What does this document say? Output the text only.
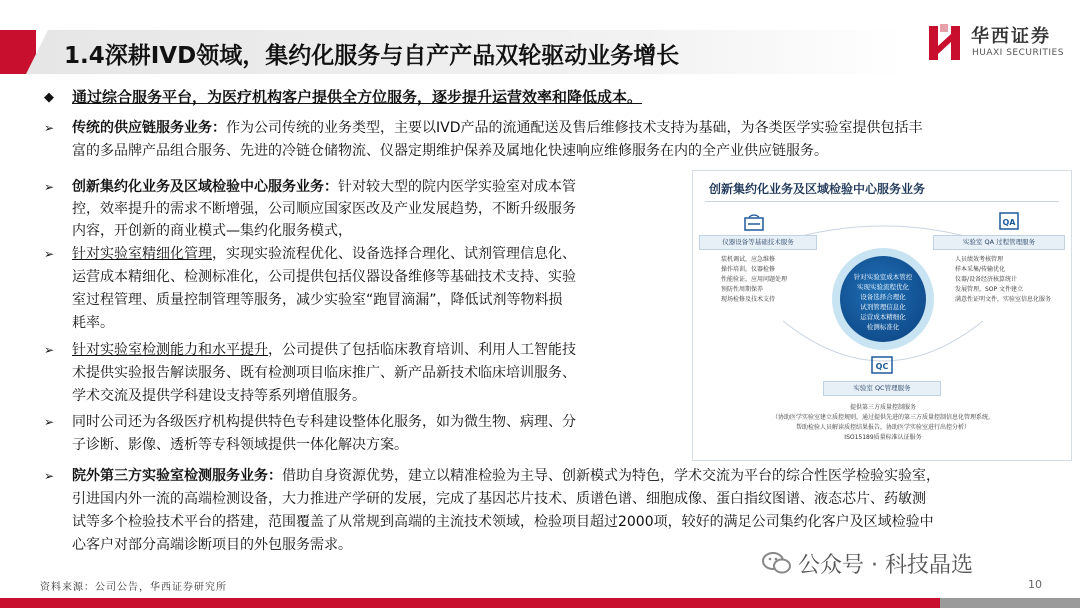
1.4深耕IVD领域，集约化服务与自产产品双轮驱动业务增长
华西证券
HUAXI SECURITIES
◆ 通过综合服务平台，为医疗机构客户提供全方位服务，逐步提升运营效率和降低成本。
➢ 传统的供应链服务业务：作为公司传统的业务类型，主要以IVD产品的流通配送及售后维修技术支持为基础，为各类医学实验室提供包括丰
富的多品牌产品组合服务、先进的冷链仓储物流、仪器定期维护保养及属地化快速响应维修服务在内的全产业供应链服务。
➢ 创新集约化业务及区域检验中心服务业务：针对较大型的院内医学实验室对成本管
控，效率提升的需求不断增强，公司顺应国家医改及产业发展趋势，不断升级服务
内容，开创新的商业模式—集约化服务模式，
➢ 针对实验室精细化管理，实现实验流程优化、设备选择合理化、试剂管理信息化、
运营成本精细化、检测标准化，公司提供包括仪器设备维修等基础技术支持、实验
室过程管理、质量控制管理等服务，减少实验室“跑冒滴漏”，降低试剂等物料损
耗率。
➢ 针对实验室检测能力和水平提升，公司提供了包括临床教育培训、利用人工智能技
术提供实验报告解读服务、既有检测项目临床推广、新产品新技术临床培训服务、
学术交流及提供学科建设支持等系列增值服务。
➢ 同时公司还为各级医疗机构提供特色专科建设整体化服务，如为微生物、病理、分
子诊断、影像、透析等专科领域提供一体化解决方案。
➢ 院外第三方实验室检测服务业务：借助自身资源优势，建立以精准检验为主导、创新模式为特色，学术交流为平台的综合性医学检验实验室，
引进国内外一流的高端检测设备，大力推进产学研的发展，完成了基因芯片技术、质谱色谱、细胞成像、蛋白指纹图谱、液态芯片、药敏测
试等多个检验技术平台的搭建，范围覆盖了从常规到高端的主流技术领域，检验项目超过2000项，较好的满足公司集约化客户及区域检验中
心客户对部分高端诊断项目的外包服务需求。
创新集约化业务及区域检验中心服务业务
仪器设备等基础技术服务
装机调试，应急维修
操作培训，仪器检修
性能验证，应用问题处理
预防性周期保养
现场检修及技术支持
QA
实验室 QA 过程管理服务
人员绩效考核管理
样本采集/传输优化
仪器/设备经济核算统计
发展管理，SOP 文件建立
满意性证明文件，实验室信息化服务
针对实验室成本管控
实现实验流程优化
设备选择合理化
试剂管理信息化
运营成本精细化
检测标准化
QC
实验室 QC管理服务
提供第三方质量控制服务
（协助医学实验室建立质控规则，通过提供先进的第三方质量控制信息化管理系统，
帮助检验人员解读质控结果报告，协助医学实验室进行出控分析）
ISO15189质量标准认证服务
公众号 · 科技晶选
资料来源：公司公告，华西证券研究所	10
